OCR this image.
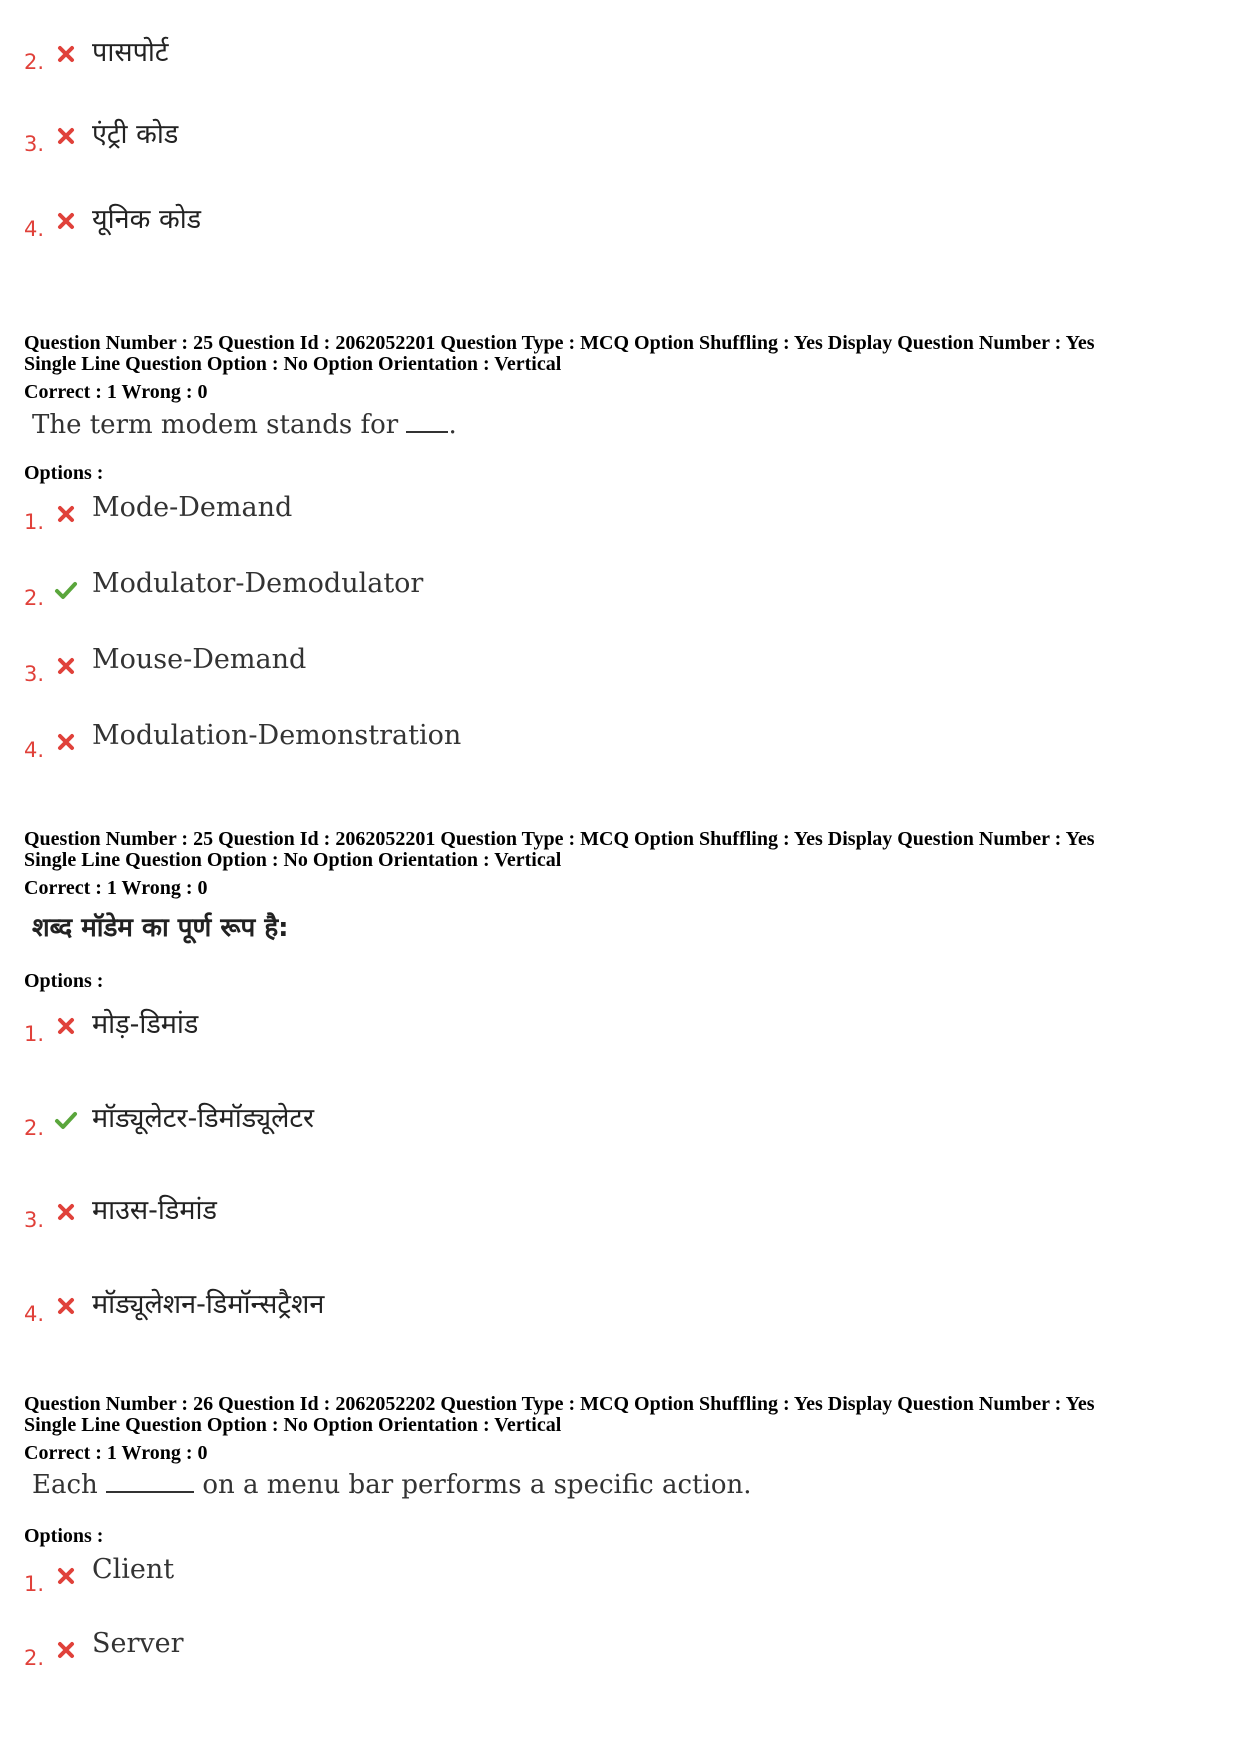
2. पासपोर्ट
3. एंट्री कोड
4. यूनिक कोड
Question Number : 25 Question Id : 2062052201 Question Type : MCQ Option Shuffling : Yes Display Question Number : Yes
Single Line Question Option : No Option Orientation : Vertical
Correct : 1 Wrong : 0
The term modem stands for .
Options :
1. Mode-Demand
2. Modulator-Demodulator
3. Mouse-Demand
4. Modulation-Demonstration
Question Number : 25 Question Id : 2062052201 Question Type : MCQ Option Shuffling : Yes Display Question Number : Yes
Single Line Question Option : No Option Orientation : Vertical
Correct : 1 Wrong : 0
शब्द मॉडेम का पूर्ण रूप है:
Options :
1. मोड़-डिमांड
2. मॉड्यूलेटर-डिमॉड्यूलेटर
3. माउस-डिमांड
4. मॉड्यूलेशन-डिमॉन्सट्रैशन
Question Number : 26 Question Id : 2062052202 Question Type : MCQ Option Shuffling : Yes Display Question Number : Yes
Single Line Question Option : No Option Orientation : Vertical
Correct : 1 Wrong : 0
Each	on a menu bar performs a specific action.
Options :
1. Client
2. Server
